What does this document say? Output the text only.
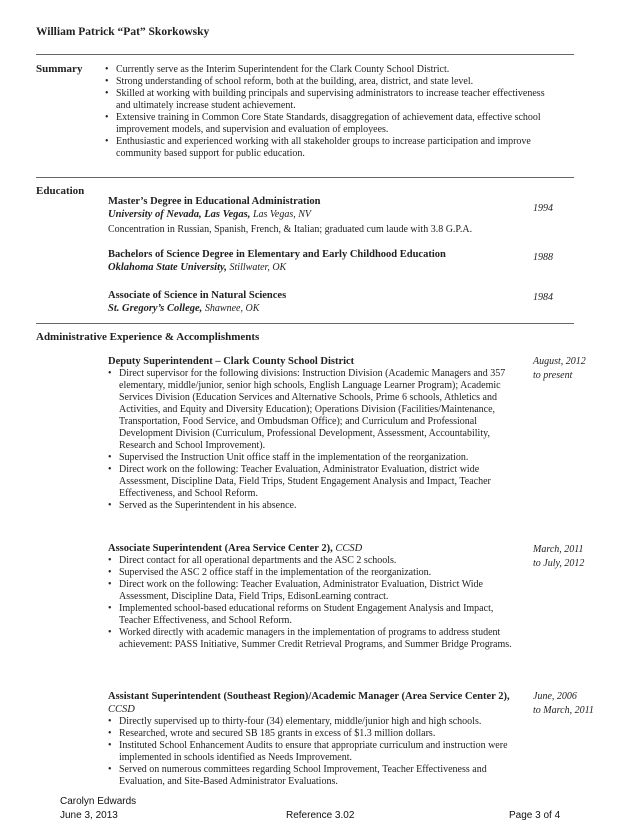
William Patrick “Pat” Skorkowsky
Summary
•	Currently serve as the Interim Superintendent for the Clark County School District.
• Strong understanding of school reform, both at the building, area, district, and state level.
• Skilled at working with building principals and supervising administrators to increase teacher effectiveness and ultimately increase student achievement.
• Extensive training in Common Core State Standards, disaggregation of achievement data, effective school improvement models, and supervision and evaluation of employees.
• Enthusiastic and experienced working with all stakeholder groups to increase participation and improve community based support for public education.
Education
Master’s Degree in Educational Administration
University of Nevada, Las Vegas, Las Vegas, NV
Concentration in Russian, Spanish, French, & Italian; graduated cum laude with 3.8 G.P.A.
1994
Bachelors of Science Degree in Elementary and Early Childhood Education
Oklahoma State University, Stillwater, OK
1988
Associate of Science in Natural Sciences
St. Gregory’s College, Shawnee, OK
1984
Administrative Experience & Accomplishments
Deputy Superintendent – Clark County School District	August, 2012
to present
• Direct supervisor for the following divisions: Instruction Division (Academic Managers and 357 elementary, middle/junior, senior high schools, English Language Learner Program); Academic Services Division (Education Services and Alternative Schools, Prime 6 schools, Athletics and Activities, and Equity and Diversity Education); Operations Division (Facilities/Maintenance, Transportation, Food Service, and Ombudsman Office); and Curriculum and Professional Development Division (Curriculum, Professional Development, Assessment, Accountability, Research and School Improvement).
• Supervised the Instruction Unit office staff in the implementation of the reorganization.
• Direct work on the following: Teacher Evaluation, Administrator Evaluation, district wide Assessment, Discipline Data, Field Trips, Student Engagement Analysis and Impact, Teacher Effectiveness, and School Reform.
• Served as the Superintendent in his absence.
Associate Superintendent (Area Service Center 2), CCSD	March, 2011
to July, 2012
• Direct contact for all operational departments and the ASC 2 schools.
• Supervised the ASC 2 office staff in the implementation of the reorganization.
• Direct work on the following: Teacher Evaluation, Administrator Evaluation, District Wide Assessment, Discipline Data, Field Trips, EdisonLearning contract.
• Implemented school-based educational reforms on Student Engagement Analysis and Impact, Teacher Effectiveness, and School Reform.
• Worked directly with academic managers in the implementation of programs to address student achievement: PASS Initiative, Summer Credit Retrieval Programs, and Summer Bridge Programs.
Assistant Superintendent (Southeast Region)/Academic Manager (Area Service Center 2), CCSD
June, 2006
to March, 2011
• Directly supervised up to thirty-four (34) elementary, middle/junior high and high schools.
• Researched, wrote and secured SB 185 grants in excess of $1.3 million dollars.
• Instituted School Enhancement Audits to ensure that appropriate curriculum and instruction were implemented in schools identified as Needs Improvement.
• Served on numerous committees regarding School Improvement, Teacher Effectiveness and Evaluation, and Site-Based Administrator Evaluations.
Carolyn Edwards
June 3, 2013	Reference 3.02	Page 3 of 4
